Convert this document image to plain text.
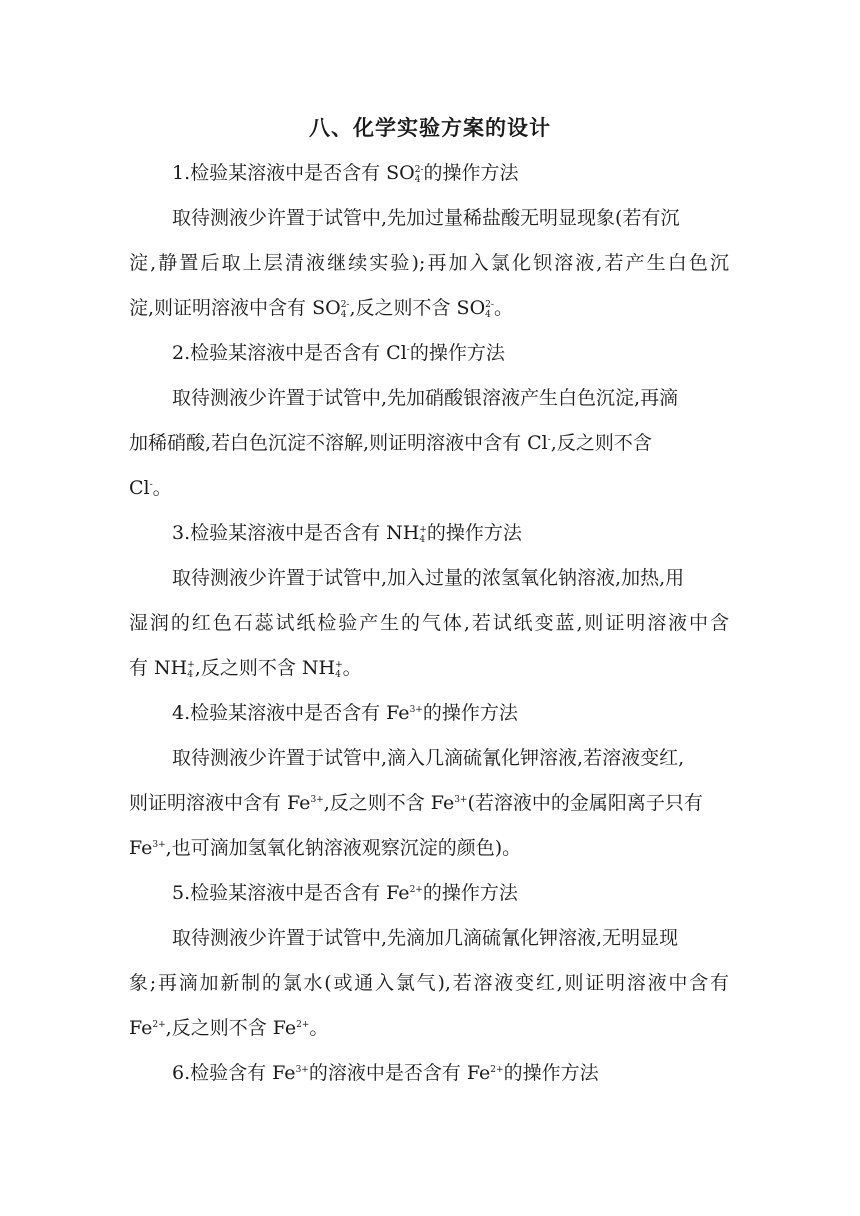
八、化学实验方案的设计
1.检验某溶液中是否含有 $SO_4^{2-}$的操作方法
取待测液少许置于试管中,先加过量稀盐酸无明显现象(若有沉
淀,静置后取上层清液继续实验);再加入氯化钡溶液,若产生白色沉
淀,则证明溶液中含有 $SO_4^{2-}$,反之则不含 $SO_4^{2-}$。
2.检验某溶液中是否含有 Cl-的操作方法
取待测液少许置于试管中,先加硝酸银溶液产生白色沉淀,再滴
加稀硝酸,若白色沉淀不溶解,则证明溶液中含有 Cl-,反之则不含
Cl-。
3.检验某溶液中是否含有 $NH_4^+$的操作方法
取待测液少许置于试管中,加入过量的浓氢氧化钠溶液,加热,用
湿润的红色石蕊试纸检验产生的气体,若试纸变蓝,则证明溶液中含
有 $NH_4^+$,反之则不含 $NH_4^+$。
4.检验某溶液中是否含有 $Fe^{3+}$的操作方法
取待测液少许置于试管中,滴入几滴硫氰化钾溶液,若溶液变红,
则证明溶液中含有 $Fe^{3+}$,反之则不含 $Fe^{3+}$(若溶液中的金属阳离子只有
$Fe^{3+}$,也可滴加氢氧化钠溶液观察沉淀的颜色)。
5.检验某溶液中是否含有 $Fe^{2+}$的操作方法
取待测液少许置于试管中,先滴加几滴硫氰化钾溶液,无明显现
象;再滴加新制的氯水(或通入氯气),若溶液变红,则证明溶液中含有
$Fe^{2+}$,反之则不含 $Fe^{2+}$。
6.检验含有 $Fe^{3+}$的溶液中是否含有 $Fe^{2+}$的操作方法
